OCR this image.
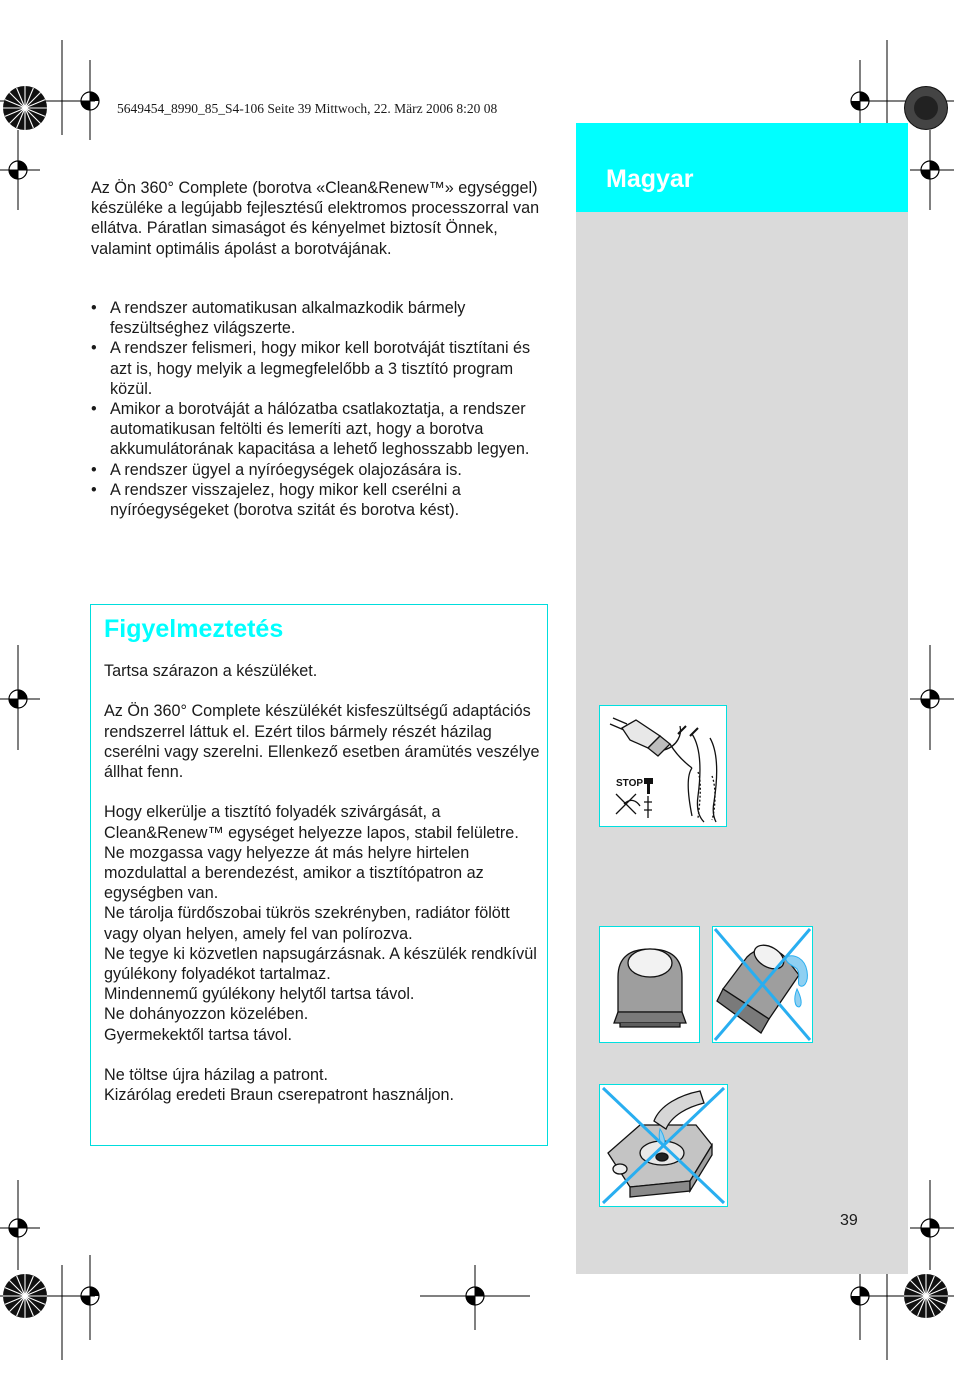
5649454_8990_85_S4-106 Seite 39 Mittwoch, 22. März 2006 8:20 08
Magyar

Az Ön 360° Complete (borotva «Clean&Renew™» egységgel) készüléke a legújabb fejlesztésű elektromos processzorral van ellátva. Páratlan simaságot és kényelmet biztosít Önnek, valamint optimális ápolást a borotvájának.

• A rendszer automatikusan alkalmazkodik bármely feszültséghez világszerte.
• A rendszer felismeri, hogy mikor kell borotváját tisztítani és azt is, hogy melyik a legmegfelelőbb a 3 tisztító program közül.
• Amikor a borotváját a hálózatba csatlakoztatja, a rendszer automatikusan feltölti és lemeríti azt, hogy a borotva akkumulátorának kapacitása a lehető leghosszabb legyen.
• A rendszer ügyel a nyíróegységek olajozására is.
• A rendszer visszajelez, hogy mikor kell cserélni a nyíróegységeket (borotva szitát és borotva kést).
Figyelmeztetés

Tartsa szárazon a készüléket.

Az Ön 360° Complete készülékét kisfeszültségű adaptációs rendszerrel láttuk el. Ezért tilos bármely részét házilag cserélni vagy szerelni. Ellenkező esetben áramütés veszélye állhat fenn.

Hogy elkerülje a tisztító folyadék szivárgását, a Clean&Renew™ egységet helyezze lapos, stabil felületre.

Ne mozgassa vagy helyezze át más helyre hirtelen mozdulattal a berendezést, amikor a tisztítópatron az egységben van.

Ne tárolja fürdőszobai tükrös szekrényben, radiátor fölött vagy olyan helyen, amely fel van polírozva.

Ne tegye ki közvetlen napsugárzásnak. A készülék rendkívül gyúlékony folyadékot tartalmaz.

Mindennemű gyúlékony helytől tartsa távol.

Ne dohányozzon közelében.

Gyermekektől tartsa távol.

Ne töltse újra házilag a patront.

Kizárólag eredeti Braun cserepatront használjon.

STOP
39
